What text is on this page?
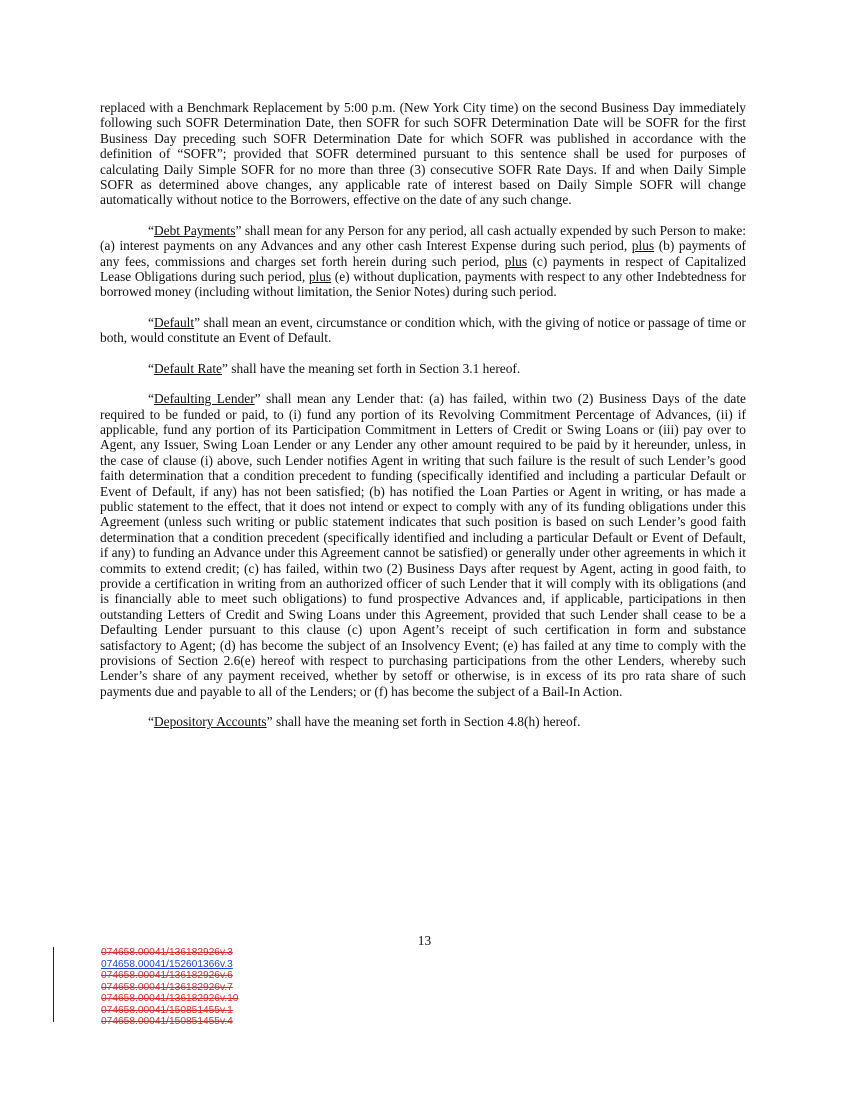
replaced with a Benchmark Replacement by 5:00 p.m. (New York City time) on the second Business Day immediately following such SOFR Determination Date, then SOFR for such SOFR Determination Date will be SOFR for the first Business Day preceding such SOFR Determination Date for which SOFR was published in accordance with the definition of “SOFR”; provided that SOFR determined pursuant to this sentence shall be used for purposes of calculating Daily Simple SOFR for no more than three (3) consecutive SOFR Rate Days. If and when Daily Simple SOFR as determined above changes, any applicable rate of interest based on Daily Simple SOFR will change automatically without notice to the Borrowers, effective on the date of any such change.

“Debt Payments” shall mean for any Person for any period, all cash actually expended by such Person to make: (a) interest payments on any Advances and any other cash Interest Expense during such period, plus (b) payments of any fees, commissions and charges set forth herein during such period, plus (c) payments in respect of Capitalized Lease Obligations during such period, plus (e) without duplication, payments with respect to any other Indebtedness for borrowed money (including without limitation, the Senior Notes) during such period.

“Default” shall mean an event, circumstance or condition which, with the giving of notice or passage of time or both, would constitute an Event of Default.

“Default Rate” shall have the meaning set forth in Section 3.1 hereof.

“Defaulting Lender” shall mean any Lender that: (a) has failed, within two (2) Business Days of the date required to be funded or paid, to (i) fund any portion of its Revolving Commitment Percentage of Advances, (ii) if applicable, fund any portion of its Participation Commitment in Letters of Credit or Swing Loans or (iii) pay over to Agent, any Issuer, Swing Loan Lender or any Lender any other amount required to be paid by it hereunder, unless, in the case of clause (i) above, such Lender notifies Agent in writing that such failure is the result of such Lender’s good faith determination that a condition precedent to funding (specifically identified and including a particular Default or Event of Default, if any) has not been satisfied; (b) has notified the Loan Parties or Agent in writing, or has made a public statement to the effect, that it does not intend or expect to comply with any of its funding obligations under this Agreement (unless such writing or public statement indicates that such position is based on such Lender’s good faith determination that a condition precedent (specifically identified and including a particular Default or Event of Default, if any) to funding an Advance under this Agreement cannot be satisfied) or generally under other agreements in which it commits to extend credit; (c) has failed, within two (2) Business Days after request by Agent, acting in good faith, to provide a certification in writing from an authorized officer of such Lender that it will comply with its obligations (and is financially able to meet such obligations) to fund prospective Advances and, if applicable, participations in then outstanding Letters of Credit and Swing Loans under this Agreement, provided that such Lender shall cease to be a Defaulting Lender pursuant to this clause (c) upon Agent’s receipt of such certification in form and substance satisfactory to Agent; (d) has become the subject of an Insolvency Event; (e) has failed at any time to comply with the provisions of Section 2.6(e) hereof with respect to purchasing participations from the other Lenders, whereby such Lender’s share of any payment received, whether by setoff or otherwise, is in excess of its pro rata share of such payments due and payable to all of the Lenders; or (f) has become the subject of a Bail-In Action.

“Depository Accounts” shall have the meaning set forth in Section 4.8(h) hereof.

13
074658.00041/136182926v.3
074658.00041/152601366v.3
074658.00041/136182926v.6
074658.00041/136182926v.7
074658.00041/136182926v.10
074658.00041/150851455v.1
074658.00041/150851455v.4
